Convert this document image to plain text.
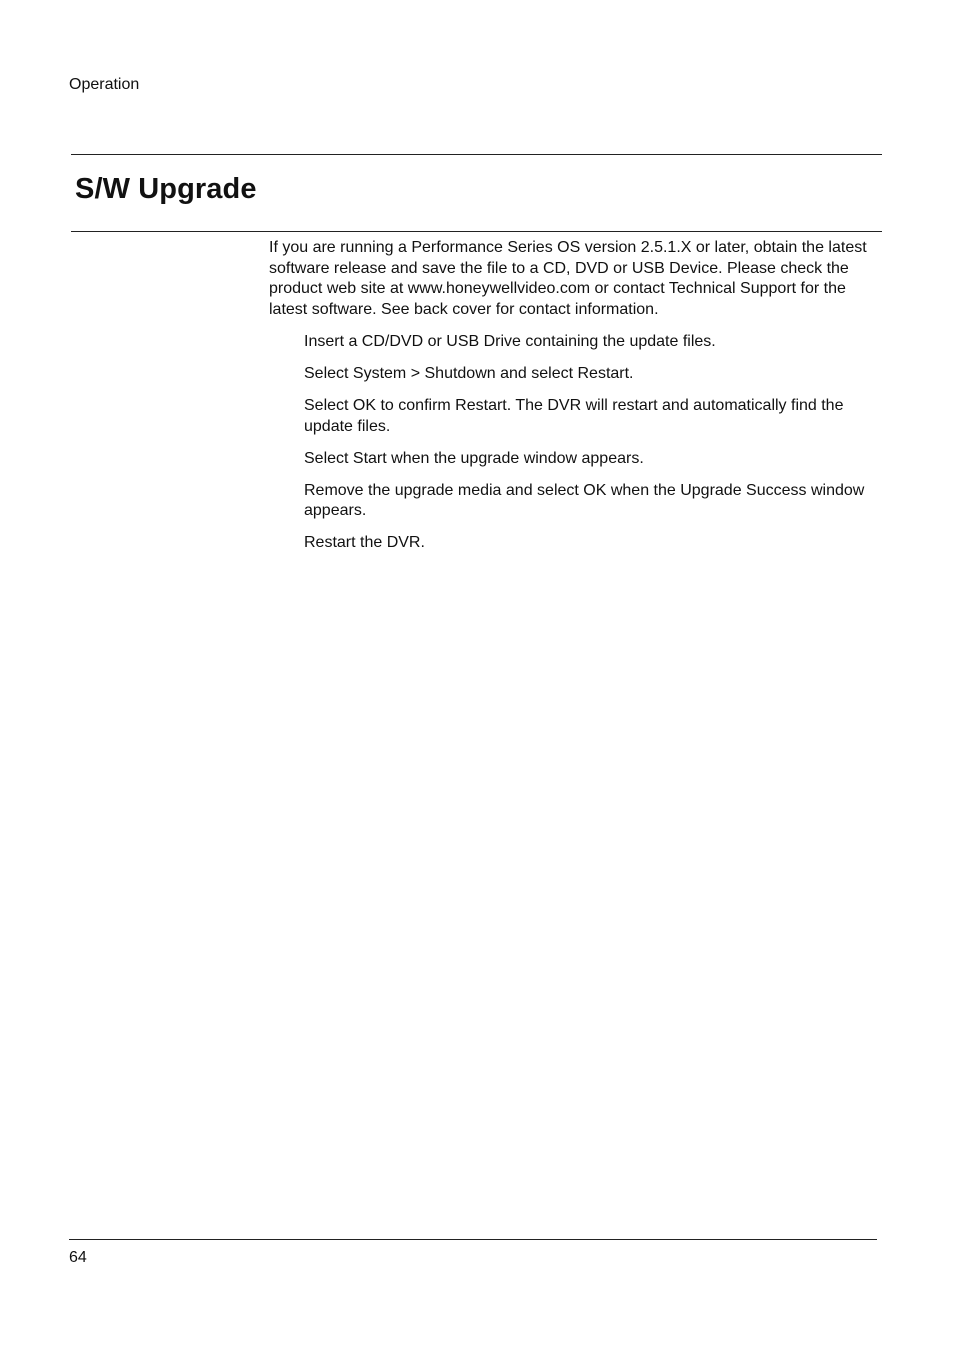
Operation
S/W Upgrade

If you are running a Performance Series OS version 2.5.1.X or later, obtain the latest software release and save the file to a CD, DVD or USB Device. Please check the product web site at www.honeywellvideo.com or contact Technical Support for the latest software. See back cover for contact information.

Insert a CD/DVD or USB Drive containing the update files.
Select System > Shutdown and select Restart.
Select OK to confirm Restart. The DVR will restart and automatically find the update files.
Select Start when the upgrade window appears.
Remove the upgrade media and select OK when the Upgrade Success window appears.
Restart the DVR.
64
